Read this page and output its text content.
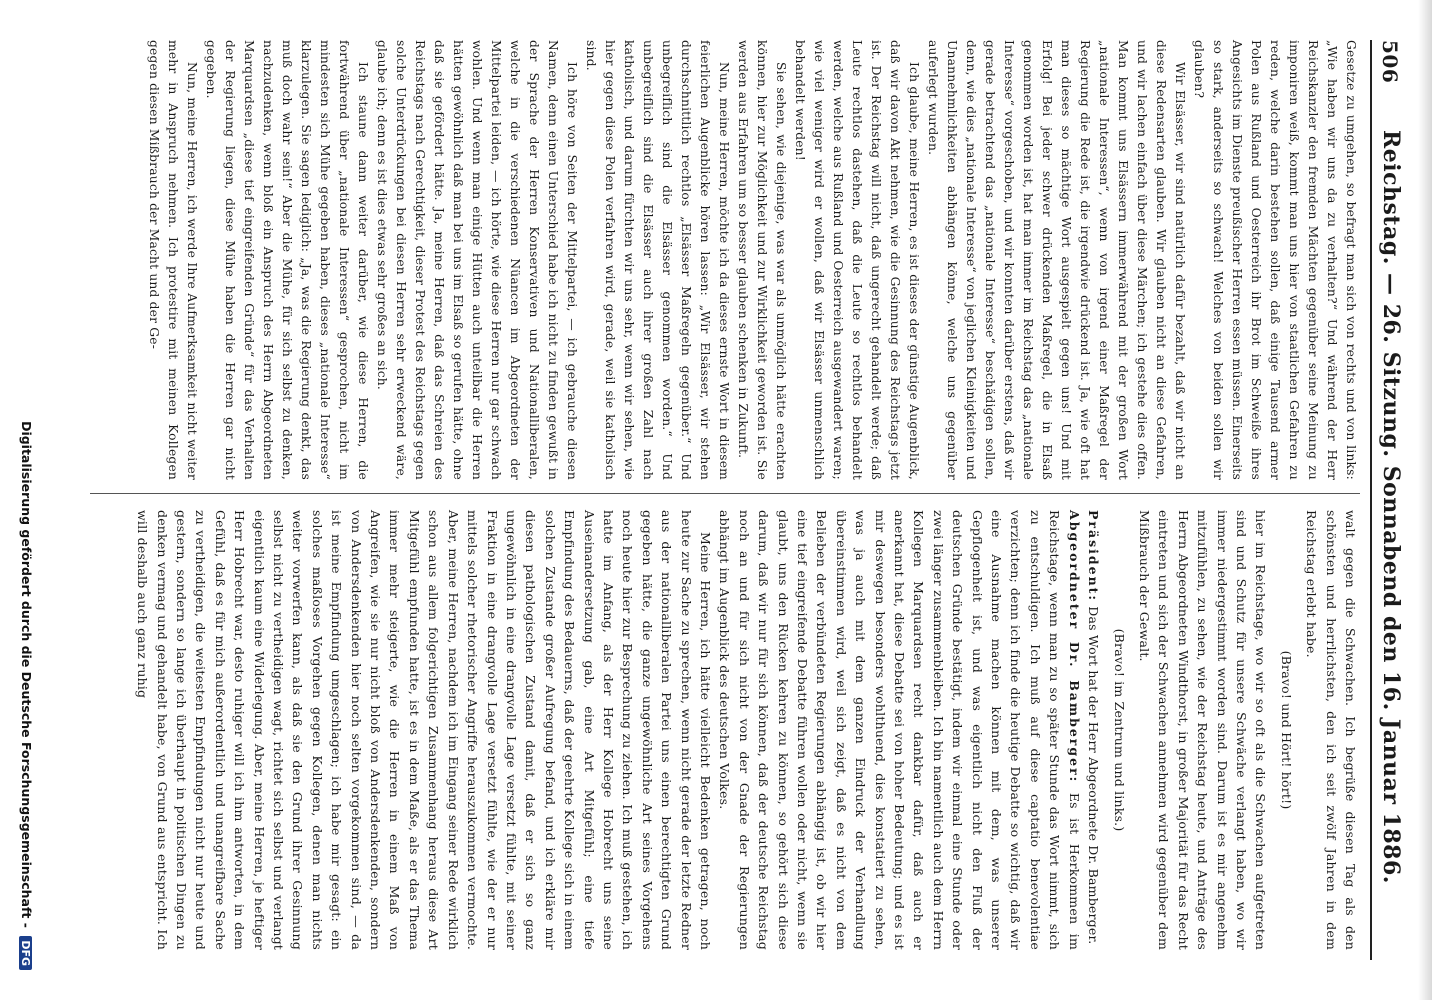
506
Reichstag. — 26. Sitzung. Sonnabend den 16. Januar 1886.

Gesetze zu umgehen, so befragt man sich von rechts und von links: „Wie haben wir uns da zu verhalten?“ Und während der Herr Reichskanzler den fremden Mächten gegenüber seine Meinung zu imponiren weiß, kommt man uns hier von staatlichen Gefahren zu reden, welche darin bestehen sollen, daß einige Tausend armer Polen aus Rußland und Oesterreich ihr Brot im Schweiße ihres Angesichts im Dienste preußischer Herren essen müssen. Einerseits so stark, anderseits so schwach! Welches von beiden sollen wir glauben?

Wir Elsässer, wir sind natürlich dafür bezahlt, daß wir nicht an diese Redensarten glauben. Wir glauben nicht an diese Gefahren, und wir lachen einfach über diese Märchen; ich gestehe dies offen. Man kommt uns Elsässern immerwährend mit der großen Wort „nationale Interessen“, wenn von irgend einer Maßregel der Regierung die Rede ist, die irgendwie drückend ist. Ja, wie oft hat man dieses so mächtige Wort ausgespielt gegen uns! Und mit Erfolg! Bei jeder schwer drückenden Maßregel, die in Elsaß genommen worden ist, hat man immer im Reichstag das „nationale Interesse“ vorgeschoben, und wir konnten darüber erstens, daß wir gerade betrachtend das „nationale Interesse“ beschädigen sollen, denn, wie dies „nationale Interesse“ von jeglichen Kleinigkeiten und Unannehmlichkeiten abhängen könne, welche uns gegenüber auferlegt wurden.

Ich glaube, meine Herren, es ist dieses der günstige Augenblick, daß wir davon Akt nehmen, wie die Gesinnung des Reichstags jetzt ist. Der Reichstag will nicht, daß ungerecht gehandelt werde; daß Leute rechtlos dastehen, daß die Leute so rechtlos behandelt werden, welche aus Rußland und Oesterreich ausgewandert waren; wie viel weniger wird er wollen, daß wir Elsässer unmenschlich behandelt werden!

Sie sehen, wie diejenige, was war als unmöglich hätte erachten können, hier zur Möglichkeit und zur Wirklichkeit geworden ist. Sie werden aus Erfahren um so besser glauben schenken in Zukunft.

Nun, meine Herren, möchte ich da dieses ernste Wort in diesem feierlichen Augenblicke hören lassen: „Wir Elsässer, wir stehen durchschnittlich rechtlos „Elsässer Maßregeln gegenüber.“ Und unbegreiflich sind die Elsässer genommen worden.“ Und unbegreiflich sind die Elsässer auch ihrer großen Zahl nach katholisch, und darum fürchten wir uns sehr, wenn wir sehen, wie hier gegen diese Polen verfahren wird, gerade, weil sie katholisch sind.

Ich höre von Seiten der Mittelpartei, — ich gebrauche diesen Namen, denn einen Unterschied habe ich nicht zu finden gewußt in der Sprache der Herren Konservativen und Nationalliberalen, welche in die verschiedenen Nüancen im Abgeordneten der Mittelpartei leiden, — ich hörte, wie diese Herren nur gar schwach wohlen. Und wenn man einige Hütten auch unteilbar die Herren hätten gewöhnlich daß man bei uns im Elsaß so gerufen hätte, ohne daß sie gefördert hätte. Ja, meine Herren, daß das Schreien des Reichstags nach Gerechtigkeit, dieser Protest des Reichstags gegen solche Unterdrückungen bei diesen Herren sehr erweckend wäre, glaube ich; denn es ist dies etwas sehr großes an sich.

Ich staune dann weiter darüber, wie diese Herren, die fortwährend über „nationale Interessen“ gesprochen, nicht im mindesten sich Mühe gegeben haben, dieses „nationale Interesse“ klarzulegen. Sie sagen lediglich: „Ja, was die Regierung denkt, das muß doch wahr sein!“ Aber die Mühe, für sich selbst zu denken, nachzudenken, wenn bloß ein Anspruch des Herrn Abgeordneten Marquardsen „diese tief eingreifenden Gründe“ für das Verhalten der Regierung liegen, diese Mühe haben die Herren gar nicht gegeben.

Nun, meine Herren, ich werde Ihre Aufmerksamkeit nicht weiter mehr in Anspruch nehmen. Ich protestire mit meinen Kollegen gegen diesen Mißbrauch der Macht und der Ge-

walt gegen die Schwachen. Ich begrüße diesen Tag als den schönsten und herrlichsten, den ich seit zwölf Jahren in dem Reichstag erlebt habe.

(Bravo! und Hört! hört!)

hier im Reichstage, wo wir so oft als die Schwachen aufgetreten sind und Schutz für unsere Schwäche verlangt haben, wo wir immer niedergestimmt worden sind. Darum ist es mir angenehm mitzufühlen, zu sehen, wie der Reichstag heute, und Anträge des Herrn Abgeordneten Windthorst, in großer Majorität für das Recht eintreten und sich der Schwachen annehmen wird gegenüber dem Mißbrauch der Gewalt.

(Bravo! im Zentrum und links.)

Präsident: Das Wort hat der Herr Abgeordnete Dr. Bamberger.

Abgeordneter Dr. Bamberger: Es ist Herkommen im Reichstage, wenn man zu so später Stunde das Wort nimmt, sich zu entschuldigen. Ich muß auf diese captatio benevolentiae verzichten; denn ich finde die heutige Debatte so wichtig, daß wir eine Ausnahme machen können mit dem, was unserer Gepflogenheit ist, und was eigentlich nicht den Fluß der deutschen Gründe bestätigt, indem wir einmal eine Stunde oder zwei länger zusammenbleiben. Ich bin namentlich auch dem Herrn Kollegen Marquardsen recht dankbar dafür, daß auch er anerkannt hat, diese Debatte sei von hoher Bedeutung; und es ist mir deswegen besonders wohlthuend, dies konstatiert zu sehen, was ja auch mit dem ganzen Eindruck der Verhandlung übereinstimmen wird, weil sich zeigt, daß es nicht von dem Belieben der verbündeten Regierungen abhängig ist, ob wir hier eine tief eingreifende Debatte führen wollen oder nicht, wenn sie glaubt, uns den Rücken kehren zu können, so gehört sich diese darum, daß wir nur für sich können, daß der deutsche Reichstag noch an und für sich nicht von der Gnade der Regierungen abhängt im Augenblick des deutschen Volkes.

Meine Herren, ich hätte vielleicht Bedenken getragen, noch heute zur Sache zu sprechen, wenn nicht gerade der letzte Redner aus der nationalliberalen Partei uns einen berechtigten Grund gegeben hätte, die ganze ungewöhnliche Art seines Vorgehens noch heute hier zur Besprechung zu ziehen. Ich muß gestehen, ich hatte im Anfang, als der Herr Kollege Hobrecht uns seine Auseinandersetzung gab, eine Art Mitgefühl; eine tiefe Empfindung des Bedauerns, daß der geehrte Kollege sich in einem solchen Zustande großer Aufregung befand, und ich erkläre mir diesen pathologischen Zustand damit, daß er sich so ganz ungewöhnlich in eine drangvolle Lage versetzt fühlte, mit seiner Fraktion in eine drangvolle Lage versetzt fühlte, wie der er nur mittels solcher rhetorischer Angriffe herauszukommen vermochte. Aber, meine Herren, nachdem ich im Eingang seiner Rede wirklich schon aus allem folgerichtigen Zusammenhang heraus diese Art Mitgefühl empfunden hatte, ist es in dem Maße, als er das Thema immer mehr steigerte, wie die Herren in einem Maß von Angreifen, wie sie nur nicht bloß von Andersdenkenden, sondern von Andersdenkenden hier noch selten vorgekommen sind, — da ist meine Empfindung umgeschlagen; ich habe mir gesagt: ein solches maßloses Vorgehen gegen Kollegen, denen man nichts weiter vorwerfen kann, als daß sie den Grund ihrer Gesinnung selbst nicht zu vertheidigen wagt, richtet sich selbst und verlangt eigentlich kaum eine Widerlegung. Aber, meine Herren, je heftiger Herr Hobrecht war, desto ruhiger will ich ihm antworten, in dem Gefühl, daß es für mich außerordentlich und unangreifbare Sache zu vertheidigen, die weitesten Empfindungen nicht nur heute und gestern, sondern so lange ich überhaupt in politischen Dingen zu denken vermag und gehandelt habe, von Grund aus entspricht. Ich will deshalb auch ganz ruhig

Digitalisierung gefördert durch die Deutsche Forschungsgemeinschaft - DFG
